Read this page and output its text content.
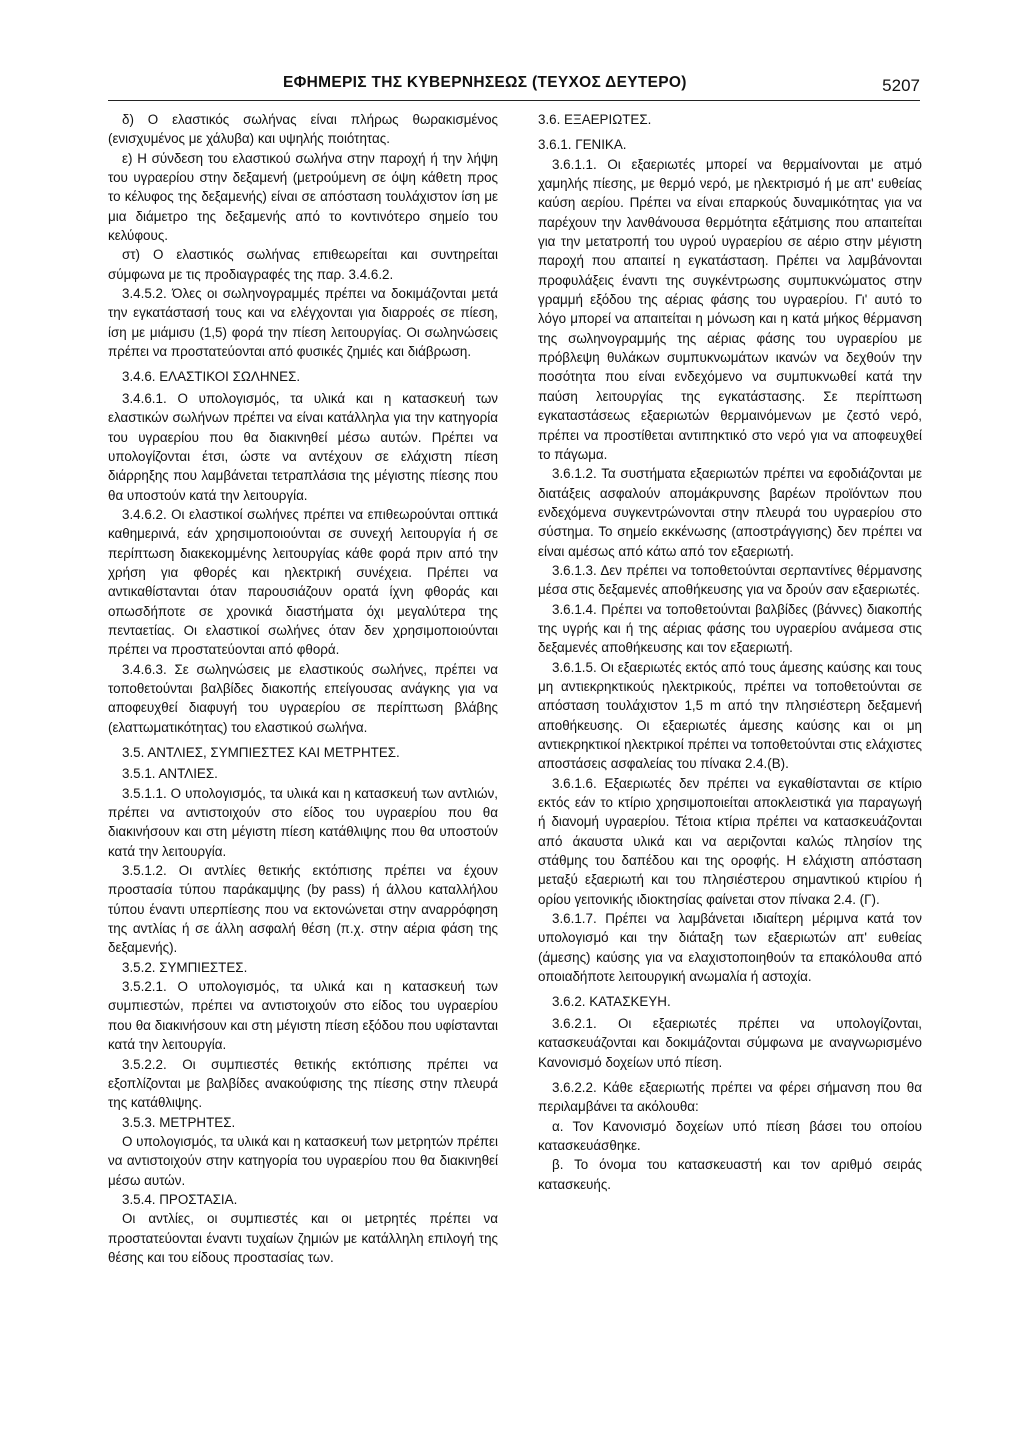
ΕΦΗΜΕΡΙΣ ΤΗΣ ΚΥΒΕΡΝΗΣΕΩΣ (ΤΕΥΧΟΣ ΔΕΥΤΕΡΟ)	5207

δ) Ο ελαστικός σωλήνας είναι πλήρως θωρακισμένος (ενισχυμένος με χάλυβα) και υψηλής ποιότητας.

ε) Η σύνδεση του ελαστικού σωλήνα στην παροχή ή την λήψη του υγραερίου στην δεξαμενή (μετρούμενη σε όψη κάθετη προς το κέλυφος της δεξαμενής) είναι σε απόσταση τουλάχιστον ίση με μια διάμετρο της δεξαμενής από το κοντινότερο σημείο του κελύφους.

στ) Ο ελαστικός σωλήνας επιθεωρείται και συντηρείται σύμφωνα με τις προδιαγραφές της παρ. 3.4.6.2.

3.4.5.2. Όλες οι σωληνογραμμές πρέπει να δοκιμάζονται μετά την εγκατάστασή τους και να ελέγχονται για διαρροές σε πίεση, ίση με μιάμισυ (1,5) φορά την πίεση λειτουργίας. Οι σωληνώσεις πρέπει να προστατεύονται από φυσικές ζημιές και διάβρωση.

3.4.6. ΕΛΑΣΤΙΚΟΙ ΣΩΛΗΝΕΣ.

3.4.6.1. Ο υπολογισμός, τα υλικά και η κατασκευή των ελαστικών σωλήνων πρέπει να είναι κατάλληλα για την κατηγορία του υγραερίου που θα διακινηθεί μέσω αυτών. Πρέπει να υπολογίζονται έτσι, ώστε να αντέχουν σε ελάχιστη πίεση διάρρηξης που λαμβάνεται τετραπλάσια της μέγιστης πίεσης που θα υποστούν κατά την λειτουργία.

3.4.6.2. Οι ελαστικοί σωλήνες πρέπει να επιθεωρούνται οπτικά καθημερινά, εάν χρησιμοποιούνται σε συνεχή λειτουργία ή σε περίπτωση διακεκομμένης λειτουργίας κάθε φορά πριν από την χρήση για φθορές και ηλεκτρική συνέχεια. Πρέπει να αντικαθίστανται όταν παρουσιάζουν ορατά ίχνη φθοράς και οπωσδήποτε σε χρονικά διαστήματα όχι μεγαλύτερα της πενταετίας. Οι ελαστικοί σωλήνες όταν δεν χρησιμοποιούνται πρέπει να προστατεύονται από φθορά.

3.4.6.3. Σε σωληνώσεις με ελαστικούς σωλήνες, πρέπει να τοποθετούνται βαλβίδες διακοπής επείγουσας ανάγκης για να αποφευχθεί διαφυγή του υγραερίου σε περίπτωση βλάβης (ελαττωματικότητας) του ελαστικού σωλήνα.

3.5. ΑΝΤΛΙΕΣ, ΣΥΜΠΙΕΣΤΕΣ ΚΑΙ ΜΕΤΡΗΤΕΣ.

3.5.1. ΑΝΤΛΙΕΣ.

3.5.1.1. Ο υπολογισμός, τα υλικά και η κατασκευή των αντλιών, πρέπει να αντιστοιχούν στο είδος του υγραερίου που θα διακινήσουν και στη μέγιστη πίεση κατάθλιψης που θα υποστούν κατά την λειτουργία.

3.5.1.2. Οι αντλίες θετικής εκτόπισης πρέπει να έχουν προστασία τύπου παράκαμψης (by pass) ή άλλου καταλλήλου τύπου έναντι υπερπίεσης που να εκτονώνεται στην αναρρόφηση της αντλίας ή σε άλλη ασφαλή θέση (π.χ. στην αέρια φάση της δεξαμενής).

3.5.2. ΣΥΜΠΙΕΣΤΕΣ.

3.5.2.1. Ο υπολογισμός, τα υλικά και η κατασκευή των συμπιεστών, πρέπει να αντιστοιχούν στο είδος του υγραερίου που θα διακινήσουν και στη μέγιστη πίεση εξόδου που υφίστανται κατά την λειτουργία.

3.5.2.2. Οι συμπιεστές θετικής εκτόπισης πρέπει να εξοπλίζονται με βαλβίδες ανακούφισης της πίεσης στην πλευρά της κατάθλιψης.

3.5.3. ΜΕΤΡΗΤΕΣ.

Ο υπολογισμός, τα υλικά και η κατασκευή των μετρητών πρέπει να αντιστοιχούν στην κατηγορία του υγραερίου που θα διακινηθεί μέσω αυτών.

3.5.4. ΠΡΟΣΤΑΣΙΑ.

Οι αντλίες, οι συμπιεστές και οι μετρητές πρέπει να προστατεύονται έναντι τυχαίων ζημιών με κατάλληλη επιλογή της θέσης και του είδους προστασίας των.

3.6. ΕΞΑΕΡΙΩΤΕΣ.

3.6.1. ΓΕΝΙΚΑ.

3.6.1.1. Οι εξαεριωτές μπορεί να θερμαίνονται με ατμό χαμηλής πίεσης, με θερμό νερό, με ηλεκτρισμό ή με απ' ευθείας καύση αερίου. Πρέπει να είναι επαρκούς δυναμικότητας για να παρέχουν την λανθάνουσα θερμότητα εξάτμισης που απαιτείται για την μετατροπή του υγρού υγραερίου σε αέριο στην μέγιστη παροχή που απαιτεί η εγκατάσταση. Πρέπει να λαμβάνονται προφυλάξεις έναντι της συγκέντρωσης συμπυκνώματος στην γραμμή εξόδου της αέριας φάσης του υγραερίου. Γι' αυτό το λόγο μπορεί να απαιτείται η μόνωση και η κατά μήκος θέρμανση της σωληνογραμμής της αέριας φάσης του υγραερίου με πρόβλεψη θυλάκων συμπυκνωμάτων ικανών να δεχθούν την ποσότητα που είναι ενδεχόμενο να συμπυκνωθεί κατά την παύση λειτουργίας της εγκατάστασης. Σε περίπτωση εγκαταστάσεως εξαεριωτών θερμαινόμενων με ζεστό νερό, πρέπει να προστίθεται αντιπηκτικό στο νερό για να αποφευχθεί το πάγωμα.

3.6.1.2. Τα συστήματα εξαεριωτών πρέπει να εφοδιάζονται με διατάξεις ασφαλούν απομάκρυνσης βαρέων προϊόντων που ενδεχόμενα συγκεντρώνονται στην πλευρά του υγραερίου στο σύστημα. Το σημείο εκκένωσης (αποστράγγισης) δεν πρέπει να είναι αμέσως από κάτω από τον εξαεριωτή.

3.6.1.3. Δεν πρέπει να τοποθετούνται σερπαντίνες θέρμανσης μέσα στις δεξαμενές αποθήκευσης για να δρούν σαν εξαεριωτές.

3.6.1.4. Πρέπει να τοποθετούνται βαλβίδες (βάννες) διακοπής της υγρής και ή της αέριας φάσης του υγραερίου ανάμεσα στις δεξαμενές αποθήκευσης και τον εξαεριωτή.

3.6.1.5. Οι εξαεριωτές εκτός από τους άμεσης καύσης και τους μη αντιεκρηκτικούς ηλεκτρικούς, πρέπει να τοποθετούνται σε απόσταση τουλάχιστον 1,5 m από την πλησιέστερη δεξαμενή αποθήκευσης. Οι εξαεριωτές άμεσης καύσης και οι μη αντιεκρηκτικοί ηλεκτρικοί πρέπει να τοποθετούνται στις ελάχιστες αποστάσεις ασφαλείας του πίνακα 2.4.(Β).

3.6.1.6. Εξαεριωτές δεν πρέπει να εγκαθίστανται σε κτίριο εκτός εάν το κτίριο χρησιμοποιείται αποκλειστικά για παραγωγή ή διανομή υγραερίου. Τέτοια κτίρια πρέπει να κατασκευάζονται από άκαυστα υλικά και να αεριζονται καλώς πλησίον της στάθμης του δαπέδου και της οροφής. Η ελάχιστη απόσταση μεταξύ εξαεριωτή και του πλησιέστερου σημαντικού κτιρίου ή ορίου γειτονικής ιδιοκτησίας φαίνεται στον πίνακα 2.4. (Γ).

3.6.1.7. Πρέπει να λαμβάνεται ιδιαίτερη μέριμνα κατά τον υπολογισμό και την διάταξη των εξαεριωτών απ' ευθείας (άμεσης) καύσης για να ελαχιστοποιηθούν τα επακόλουθα από οποιαδήποτε λειτουργική ανωμαλία ή αστοχία.

3.6.2. ΚΑΤΑΣΚΕΥΗ.

3.6.2.1. Οι εξαεριωτές πρέπει να υπολογίζονται, κατασκευάζονται και δοκιμάζονται σύμφωνα με αναγνωρισμένο Κανονισμό δοχείων υπό πίεση.

3.6.2.2. Κάθε εξαεριωτής πρέπει να φέρει σήμανση που θα περιλαμβάνει τα ακόλουθα:

α. Τον Κανονισμό δοχείων υπό πίεση βάσει του οποίου κατασκευάσθηκε.

β. Το όνομα του κατασκευαστή και τον αριθμό σειράς κατασκευής.
